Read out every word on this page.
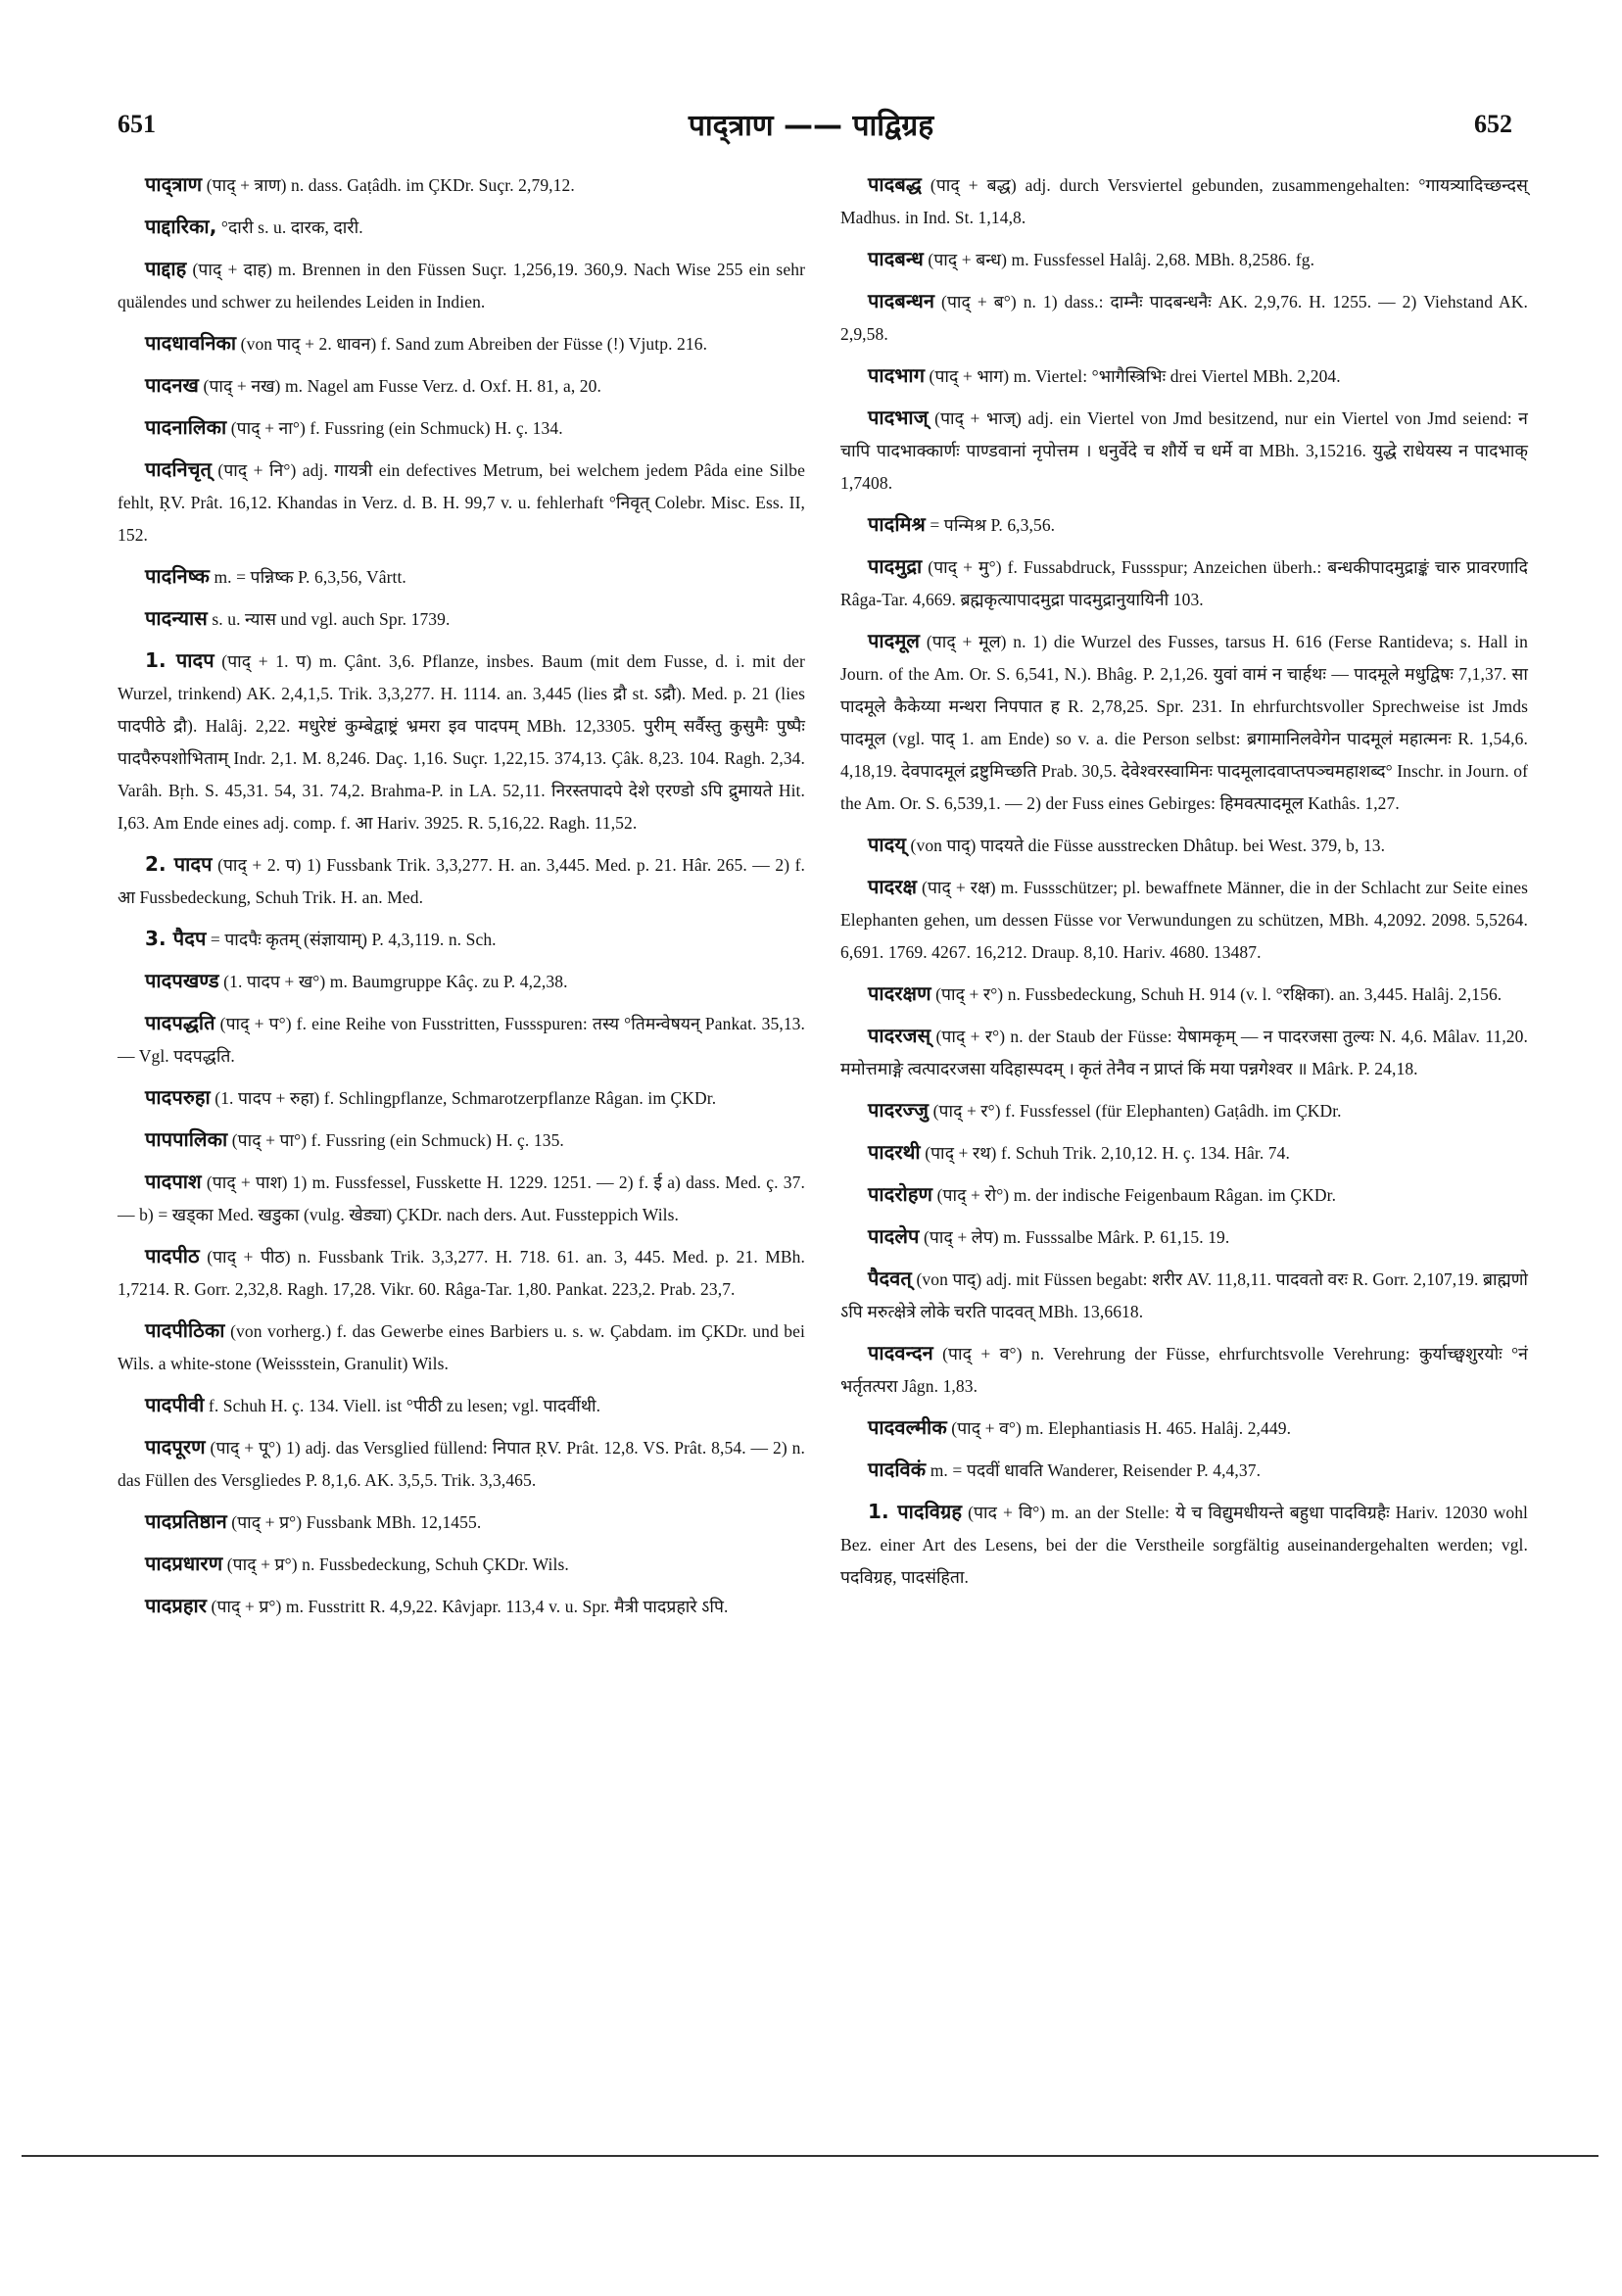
651	पाद्त्राण —— पाद्विग्रह	652

पाद्त्राण (पाद् + त्राण) n. dass. Gaṭâdh. im ÇKDr. Suçr. 2,79,12.

पाद्दारिका, °दारी s. u. दारक, दारी.

पाद्दाह (पाद् + दाह) m. Brennen in den Füssen Suçr. 1,256,19. 360,9. Nach Wise 255 ein sehr quälendes und schwer zu heilendes Leiden in Indien.

पादधावनिका (von पाद् + 2. धावन) f. Sand zum Abreiben der Füsse (!) Vjutp. 216.

पादनख (पाद् + नख) m. Nagel am Fusse Verz. d. Oxf. H. 81, a, 20.

पादनालिका (पाद् + ना°) f. Fussring (ein Schmuck) H. ç. 134.

पादनिचृत् (पाद् + नि°) adj. गायत्री ein defectives Metrum, bei welchem jedem Pâda eine Silbe fehlt, ṚV. Prât. 16,12. Khandas in Verz. d. B. H. 99,7 v. u. fehlerhaft °निवृत् Colebr. Misc. Ess. II, 152.

पादनिष्क m. = पन्निष्क P. 6,3,56, Vârtt.

पादन्यास s. u. न्यास und vgl. auch Spr. 1739.

1. पादप (पाद् + 1. प) m. Çânt. 3,6. Pflanze, insbes. Baum (mit dem Fusse, d. i. mit der Wurzel, trinkend) AK. 2,4,1,5. Trik. 3,3,277. H. 1114. an. 3,445 (lies द्रौ st. ऽद्रौ). Med. p. 21 (lies पादपीठे द्रौ). Halâj. 2,22. मधुरेष्टं कुम्बेद्वाष्ट्रं भ्रमरा इव पादपम् MBh. 12,3305. पुरीम् सर्वैस्तु कुसुमैः पुष्पैः पादपैरुपशोभिताम् Indr. 2,1. M. 8,246. Daç. 1,16. Suçr. 1,22,15. 374,13. Çâk. 8,23. 104. Ragh. 2,34. Varâh. Bṛh. S. 45,31. 54, 31. 74,2. Brahma-P. in LA. 52,11. निरस्तपादपे देशे एरण्डो ऽपि द्रुमायते Hit. I,63. Am Ende eines adj. comp. f. आ Hariv. 3925. R. 5,16,22. Ragh. 11,52.

2. पादप (पाद् + 2. प) 1) Fussbank Trik. 3,3,277. H. an. 3,445. Med. p. 21. Hâr. 265. — 2) f. आ Fussbedeckung, Schuh Trik. H. an. Med.

3. पैदप = पादपैः कृतम् (संज्ञायाम्) P. 4,3,119. n. Sch.

पादपखण्ड (1. पादप + ख°) m. Baumgruppe Kâç. zu P. 4,2,38.

पादपद्धति (पाद् + प°) f. eine Reihe von Fusstritten, Fussspuren: तस्य °तिमन्वेषयन् Pankat. 35,13. — Vgl. पदपद्धति.

पादपरुहा (1. पादप + रुहा) f. Schlingpflanze, Schmarotzerpflanze Râgan. im ÇKDr.

पापपालिका (पाद् + पा°) f. Fussring (ein Schmuck) H. ç. 135.

पादपाश (पाद् + पाश) 1) m. Fussfessel, Fusskette H. 1229. 1251. — 2) f. ई a) dass. Med. ç. 37.— b) = खड्का Med. खडुका (vulg. खेड्या) ÇKDr. nach ders. Aut. Fussteppich Wils.

पादपीठ (पाद् + पीठ) n. Fussbank Trik. 3,3,277. H. 718. 61. an. 3, 445. Med. p. 21. MBh. 1,7214. R. Gorr. 2,32,8. Ragh. 17,28. Vikr. 60. Râga-Tar. 1,80. Pankat. 223,2. Prab. 23,7.

पादपीठिका (von vorherg.) f. das Gewerbe eines Barbiers u. s. w. Çabdam. im ÇKDr. und bei Wils. a white-stone (Weissstein, Granulit) Wils.

पादपीवी f. Schuh H. ç. 134. Viell. ist °पीठी zu lesen; vgl. पादर्वीथी.

पादपूरण (पाद् + पू°) 1) adj. das Versglied füllend: निपात ṚV. Prât. 12,8. VS. Prât. 8,54. — 2) n. das Füllen des Versgliedes P. 8,1,6. AK. 3,5,5. Trik. 3,3,465.

पादप्रतिष्ठान (पाद् + प्र°) Fussbank MBh. 12,1455.

पादप्रधारण (पाद् + प्र°) n. Fussbedeckung, Schuh ÇKDr. Wils.

पादप्रहार (पाद् + प्र°) m. Fusstritt R. 4,9,22. Kâvjapr. 113,4 v. u. Spr. मैत्री पादप्रहारे ऽपि.

पादबद्ध (पाद् + बद्ध) adj. durch Versviertel gebunden, zusammengehalten: °गायत्र्यादिच्छन्दस् Madhus. in Ind. St. 1,14,8.

पादबन्ध (पाद् + बन्ध) m. Fussfessel Halâj. 2,68. MBh. 8,2586. fg.

पादबन्धन (पाद् + ब°) n. 1) dass.: दाम्नैः पादबन्धनैः AK. 2,9,76. H. 1255. — 2) Viehstand AK. 2,9,58.

पादभाग (पाद् + भाग) m. Viertel: °भागैस्त्रिभिः drei Viertel MBh. 2,204.

पादभाज् (पाद् + भाज्) adj. ein Viertel von Jmd besitzend, nur ein Viertel von Jmd seiend: न चापि पादभाक्कार्णः पाण्डवानां नृपोत्तम । धनुर्वेदे च शौर्ये च धर्मे वा MBh. 3,15216. युद्धे राधेयस्य न पादभाक् 1,7408.

पादमिश्र = पन्मिश्र P. 6,3,56.

पादमुद्रा (पाद् + मु°) f. Fussabdruck, Fussspur; Anzeichen überh.: बन्धकीपादमुद्राङ्कं चारु प्रावरणादि Râga-Tar. 4,669. ब्रह्मकृत्यापादमुद्रा पादमुद्रानुयायिनी 103.

पादमूल (पाद् + मूल) n. 1) die Wurzel des Fusses, tarsus H. 616 (Ferse Rantideva; s. Hall in Journ. of the Am. Or. S. 6,541, N.). Bhâg. P. 2,1,26. युवां वामं न चार्हथः — पादमूले मधुद्विषः 7,1,37. सा पादमूले कैकेय्या मन्थरा निपपात ह R. 2,78,25. Spr. 231. In ehrfurchtsvoller Sprechweise ist Jmds पादमूल (vgl. पाद् 1. am Ende) so v. a. die Person selbst: ब्रगामानिलवेगेन पादमूलं महात्मनः R. 1,54,6. 4,18,19. देवपादमूलं द्रष्टुमिच्छति Prab. 30,5. देवेश्वरस्वामिनः पादमूलादवाप्तपञ्चमहाशब्द° Inschr. in Journ. of the Am. Or. S. 6,539,1. — 2) der Fuss eines Gebirges: हिमवत्पादमूल Kathâs. 1,27.

पादय् (von पाद्) पादयते die Füsse ausstrecken Dhâtup. bei West. 379, b, 13.

पादरक्ष (पाद् + रक्ष) m. Fussschützer; pl. bewaffnete Männer, die in der Schlacht zur Seite eines Elephanten gehen, um dessen Füsse vor Verwundungen zu schützen, MBh. 4,2092. 2098. 5,5264. 6,691. 1769. 4267. 16,212. Draup. 8,10. Hariv. 4680. 13487.

पादरक्षण (पाद् + र°) n. Fussbedeckung, Schuh H. 914 (v. l. °रक्षिका). an. 3,445. Halâj. 2,156.

पादरजस् (पाद् + र°) n. der Staub der Füsse: येषामकृम् — न पादरजसा तुल्यः N. 4,6. Mâlav. 11,20. ममोत्तमाङ्गे त्वत्पादरजसा यदिहास्पदम् । कृतं तेनैव न प्राप्तं किं मया पन्नगेश्वर ॥ Mârk. P. 24,18.

पादरज्जु (पाद् + र°) f. Fussfessel (für Elephanten) Gaṭâdh. im ÇKDr.

पादरथी (पाद् + रथ) f. Schuh Trik. 2,10,12. H. ç. 134. Hâr. 74.

पादरोहण (पाद् + रो°) m. der indische Feigenbaum Râgan. im ÇKDr.

पादलेप (पाद् + लेप) m. Fusssalbe Mârk. P. 61,15. 19.

पैदवत् (von पाद्) adj. mit Füssen begabt: शरीर AV. 11,8,11. पादवतो वरः R. Gorr. 2,107,19. ब्राह्मणो ऽपि मरुत्क्षेत्रे लोके चरति पादवत् MBh. 13,6618.

पादवन्दन (पाद् + व°) n. Verehrung der Füsse, ehrfurchtsvolle Verehrung: कुर्याच्छ्वशुरयोः °नं भर्तृतत्परा Jâgn. 1,83.

पादवल्मीक (पाद् + व°) m. Elephantiasis H. 465. Halâj. 2,449.

पादविकं m. = पदवीं धावति Wanderer, Reisender P. 4,4,37.

1. पादविग्रह (पाद + वि°) m. an der Stelle: ये च विद्युमधीयन्ते बहुधा पादविग्रहैः Hariv. 12030 wohl Bez. einer Art des Lesens, bei der die Verstheile sorgfältig auseinandergehalten werden; vgl. पदविग्रह, पादसंहिता.
